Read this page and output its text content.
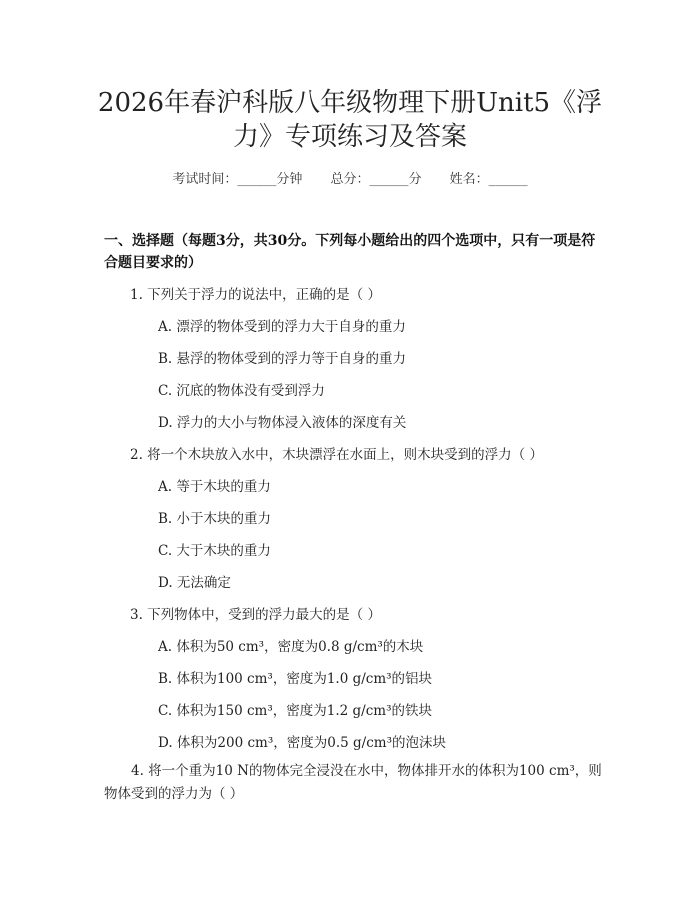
2026年春沪科版八年级物理下册Unit5《浮
力》专项练习及答案
考试时间：______分钟 总分：______分 姓名：______
一、选择题（每题3分，共30分。下列每小题给出的四个选项中，只有一项是符合题目要求的）
1. 下列关于浮力的说法中，正确的是（ ）
A. 漂浮的物体受到的浮力大于自身的重力
B. 悬浮的物体受到的浮力等于自身的重力
C. 沉底的物体没有受到浮力
D. 浮力的大小与物体浸入液体的深度有关
2. 将一个木块放入水中，木块漂浮在水面上，则木块受到的浮力（ ）
A. 等于木块的重力
B. 小于木块的重力
C. 大于木块的重力
D. 无法确定
3. 下列物体中，受到的浮力最大的是（ ）
A. 体积为50 cm³，密度为0.8 g/cm³的木块
B. 体积为100 cm³，密度为1.0 g/cm³的铝块
C. 体积为150 cm³，密度为1.2 g/cm³的铁块
D. 体积为200 cm³，密度为0.5 g/cm³的泡沫块
4. 将一个重为10 N的物体完全浸没在水中，物体排开水的体积为100 cm³，则物体受到的浮力为（ ）
